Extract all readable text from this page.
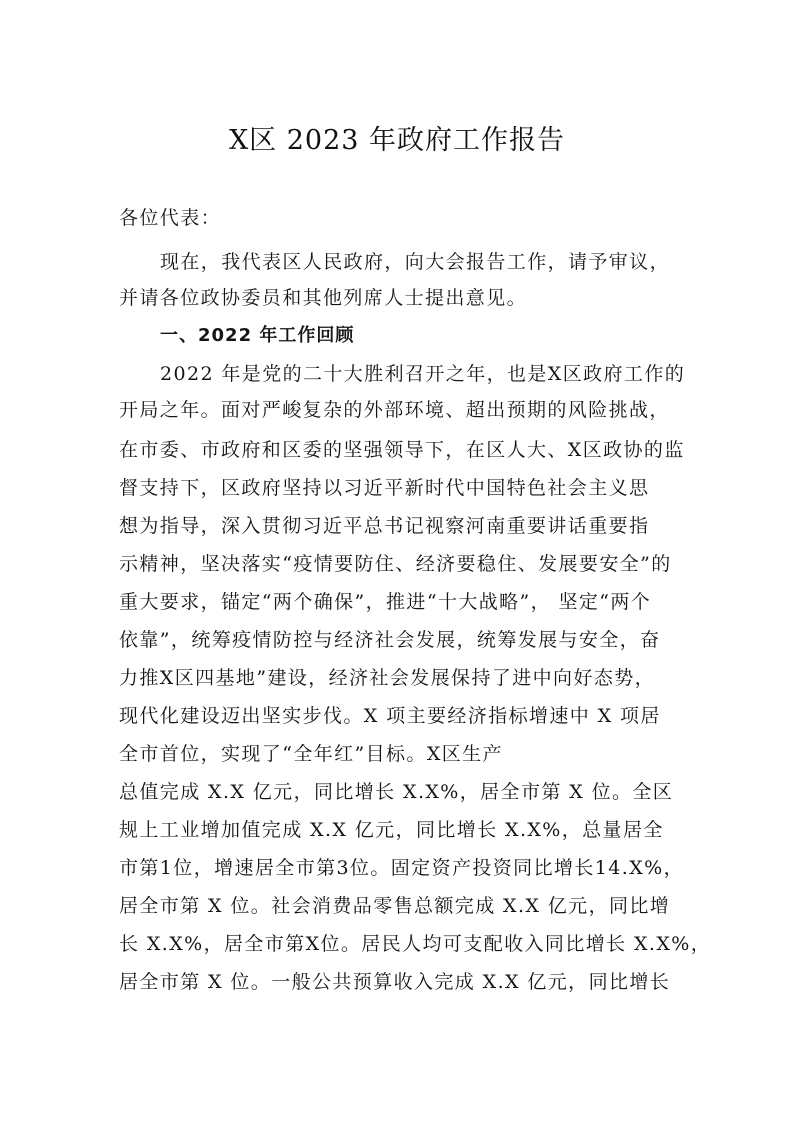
X区 2023 年政府工作报告
各位代表：
现在，我代表区人民政府，向大会报告工作，请予审议，
并请各位政协委员和其他列席人士提出意见。
一、2022 年工作回顾
2022 年是党的二十大胜利召开之年，也是X区政府工作的
开局之年。面对严峻复杂的外部环境、超出预期的风险挑战，
在市委、市政府和区委的坚强领导下，在区人大、X区政协的监
督支持下，区政府坚持以习近平新时代中国特色社会主义思
想为指导，深入贯彻习近平总书记视察河南重要讲话重要指
示精神，坚决落实“疫情要防住、经济要稳住、发展要安全”的
重大要求，锚定“两个确保”，推进“十大战略”， 坚定“两个
依靠”，统筹疫情防控与经济社会发展，统筹发展与安全，奋
力推X区四基地”建设，经济社会发展保持了进中向好态势，
现代化建设迈出坚实步伐。X 项主要经济指标增速中 X 项居
全市首位，实现了“全年红”目标。X区生产
总值完成 X.X 亿元，同比增长 X.X%，居全市第 X 位。全区
规上工业增加值完成 X.X 亿元，同比增长 X.X%，总量居全
市第1位，增速居全市第3位。固定资产投资同比增长14.X%，
居全市第 X 位。社会消费品零售总额完成 X.X 亿元，同比增
长 X.X%，居全市第X位。居民人均可支配收入同比增长 X.X%，
居全市第 X 位。一般公共预算收入完成 X.X 亿元，同比增长
